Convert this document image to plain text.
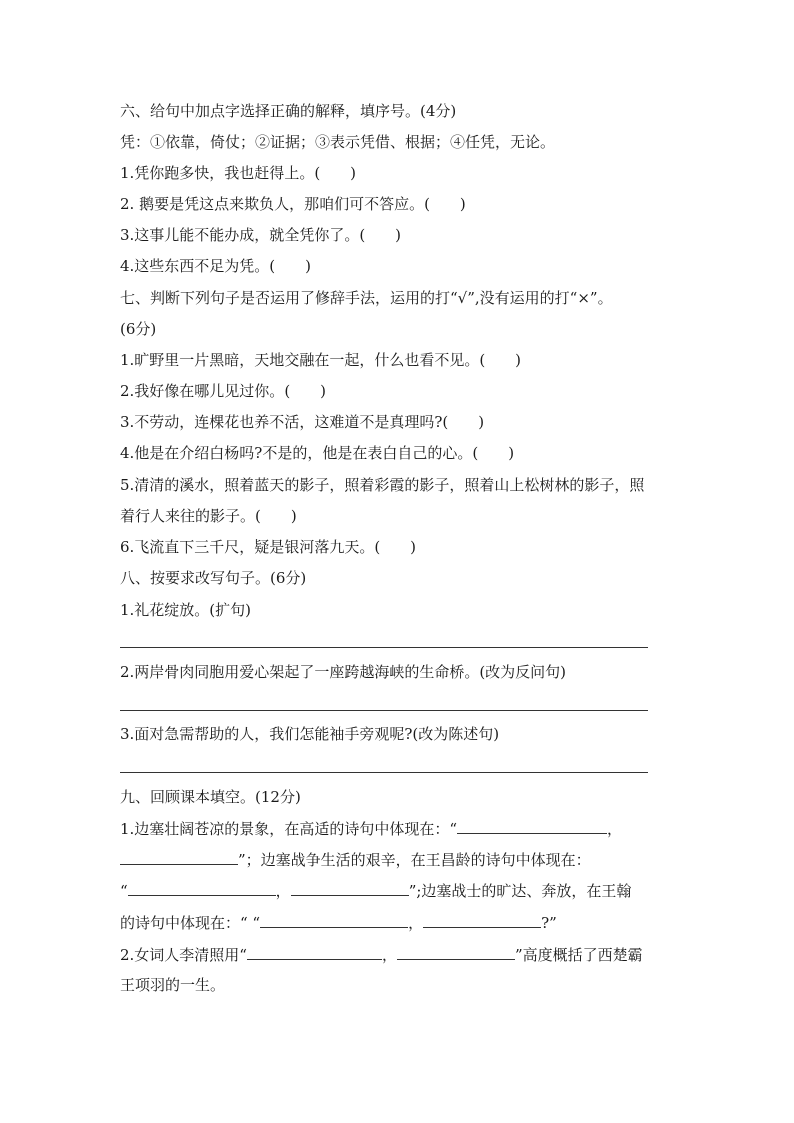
六、给句中加点字选择正确的解释，填序号。(4分)
凭：①依靠，倚仗；②证据；③表示凭借、根据；④任凭，无论。
1.凭你跑多快，我也赶得上。(　　)
2. 鹅要是凭这点来欺负人，那咱们可不答应。(　　)
3.这事儿能不能办成，就全凭你了。(　　)
4.这些东西不足为凭。(　　)
七、判断下列句子是否运用了修辞手法，运用的打“√”,没有运用的打“×”。
(6分)
1.旷野里一片黑暗，天地交融在一起，什么也看不见。(　　)
2.我好像在哪儿见过你。(　　)
3.不劳动，连棵花也养不活，这难道不是真理吗?(　　)
4.他是在介绍白杨吗?不是的，他是在表白自己的心。(　　)
5.清清的溪水，照着蓝天的影子，照着彩霞的影子，照着山上松树林的影子，照
着行人来往的影子。(　　)
6.飞流直下三千尺，疑是银河落九天。(　　)
八、按要求改写句子。(6分)
1.礼花绽放。(扩句)
2.两岸骨肉同胞用爱心架起了一座跨越海峡的生命桥。(改为反问句)
3.面对急需帮助的人，我们怎能袖手旁观呢?(改为陈述句)
九、回顾课本填空。(12分)
1.边塞壮阔苍凉的景象，在高适的诗句中体现在：“	，
”；边塞战争生活的艰辛，在王昌龄的诗句中体现在：
“	，	”;边塞战士的旷达、奔放，在王翰
的诗句中体现在：“ “	，	?”
2.女词人李清照用“	，	”高度概括了西楚霸
王项羽的一生。
